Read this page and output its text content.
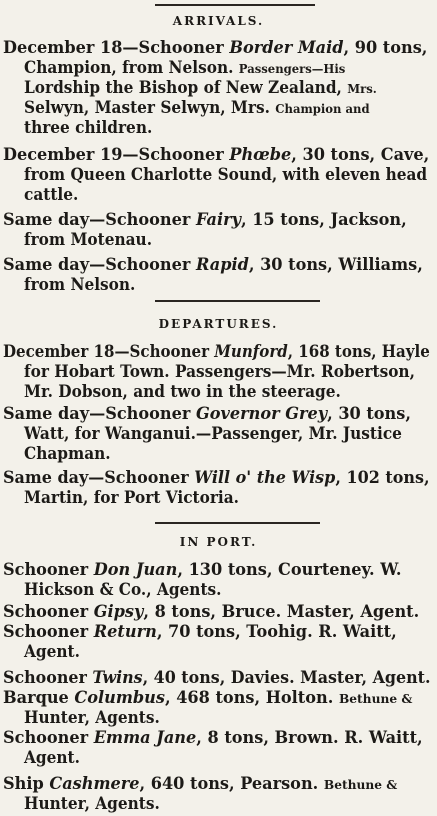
ARRIVALS.
December 18—Schooner Border Maid, 90 tons,
Champion, from Nelson. Passengers—His
Lordship the Bishop of New Zealand, Mrs.
Selwyn, Master Selwyn, Mrs. Champion and
three children.
December 19—Schooner Phœbe, 30 tons, Cave,
from Queen Charlotte Sound, with eleven head
cattle.
Same day—Schooner Fairy, 15 tons, Jackson,
from Motenau.
Same day—Schooner Rapid, 30 tons, Williams,
from Nelson.
DEPARTURES.
December 18—Schooner Munford, 168 tons, Hayle
for Hobart Town. Passengers—Mr. Robertson,
Mr. Dobson, and two in the steerage.
Same day—Schooner Governor Grey, 30 tons,
Watt, for Wanganui.—Passenger, Mr. Justice
Chapman.
Same day—Schooner Will o' the Wisp, 102 tons,
Martin, for Port Victoria.
IN PORT.
Schooner Don Juan, 130 tons, Courteney. W.
Hickson & Co., Agents.
Schooner Gipsy, 8 tons, Bruce. Master, Agent.
Schooner Return, 70 tons, Toohig. R. Waitt,
Agent.
Schooner Twins, 40 tons, Davies. Master, Agent.
Barque Columbus, 468 tons, Holton. Bethune &
Hunter, Agents.
Schooner Emma Jane, 8 tons, Brown. R. Waitt,
Agent.
Ship Cashmere, 640 tons, Pearson. Bethune &
Hunter, Agents.
